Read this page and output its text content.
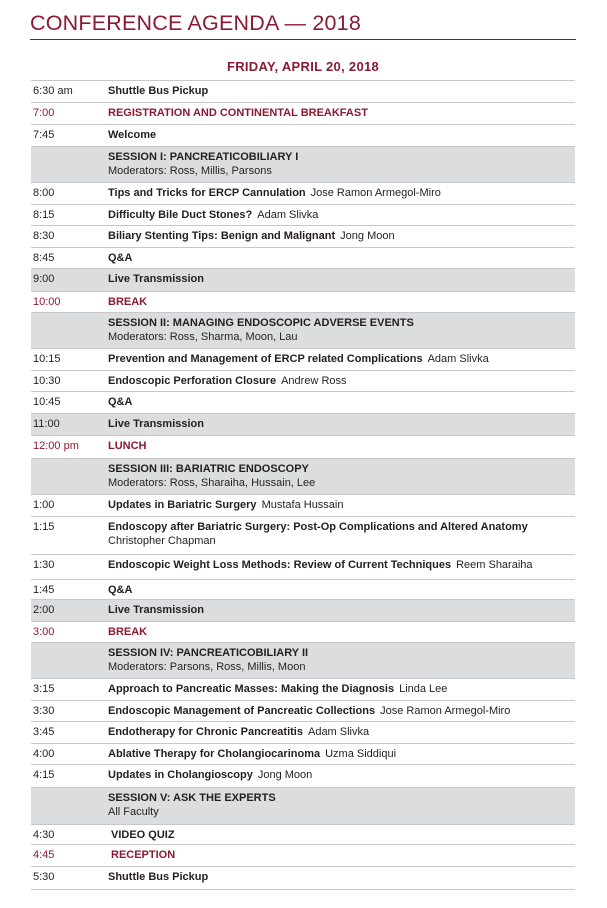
CONFERENCE AGENDA — 2018
FRIDAY, APRIL 20, 2018
6:30 am	Shuttle Bus Pickup
7:00	REGISTRATION AND CONTINENTAL BREAKFAST
7:45	Welcome
SESSION I: PANCREATICOBILIARY I
Moderators: Ross, Millis, Parsons
8:00	Tips and Tricks for ERCP Cannulation Jose Ramon Armegol-Miro
8:15	Difficulty Bile Duct Stones? Adam Slivka
8:30	Biliary Stenting Tips: Benign and Malignant Jong Moon
8:45	Q&A
9:00	Live Transmission
10:00	BREAK
SESSION II: MANAGING ENDOSCOPIC ADVERSE EVENTS
Moderators: Ross, Sharma, Moon, Lau
10:15	Prevention and Management of ERCP related Complications Adam Slivka
10:30	Endoscopic Perforation Closure Andrew Ross
10:45	Q&A
11:00	Live Transmission
12:00 pm	LUNCH
SESSION III: BARIATRIC ENDOSCOPY
Moderators: Ross, Sharaiha, Hussain, Lee
1:00	Updates in Bariatric Surgery Mustafa Hussain
1:15	Endoscopy after Bariatric Surgery: Post-Op Complications and Altered Anatomy
Christopher Chapman
1:30	Endoscopic Weight Loss Methods: Review of Current Techniques Reem Sharaiha
1:45	Q&A
2:00	Live Transmission
3:00	BREAK
SESSION IV: PANCREATICOBILIARY II
Moderators: Parsons, Ross, Millis, Moon
3:15	Approach to Pancreatic Masses: Making the Diagnosis Linda Lee
3:30	Endoscopic Management of Pancreatic Collections Jose Ramon Armegol-Miro
3:45	Endotherapy for Chronic Pancreatitis Adam Slivka
4:00	Ablative Therapy for Cholangiocarinoma Uzma Siddiqui
4:15	Updates in Cholangioscopy Jong Moon
SESSION V: ASK THE EXPERTS
All Faculty
4:30	VIDEO QUIZ
4:45	RECEPTION
5:30	Shuttle Bus Pickup
